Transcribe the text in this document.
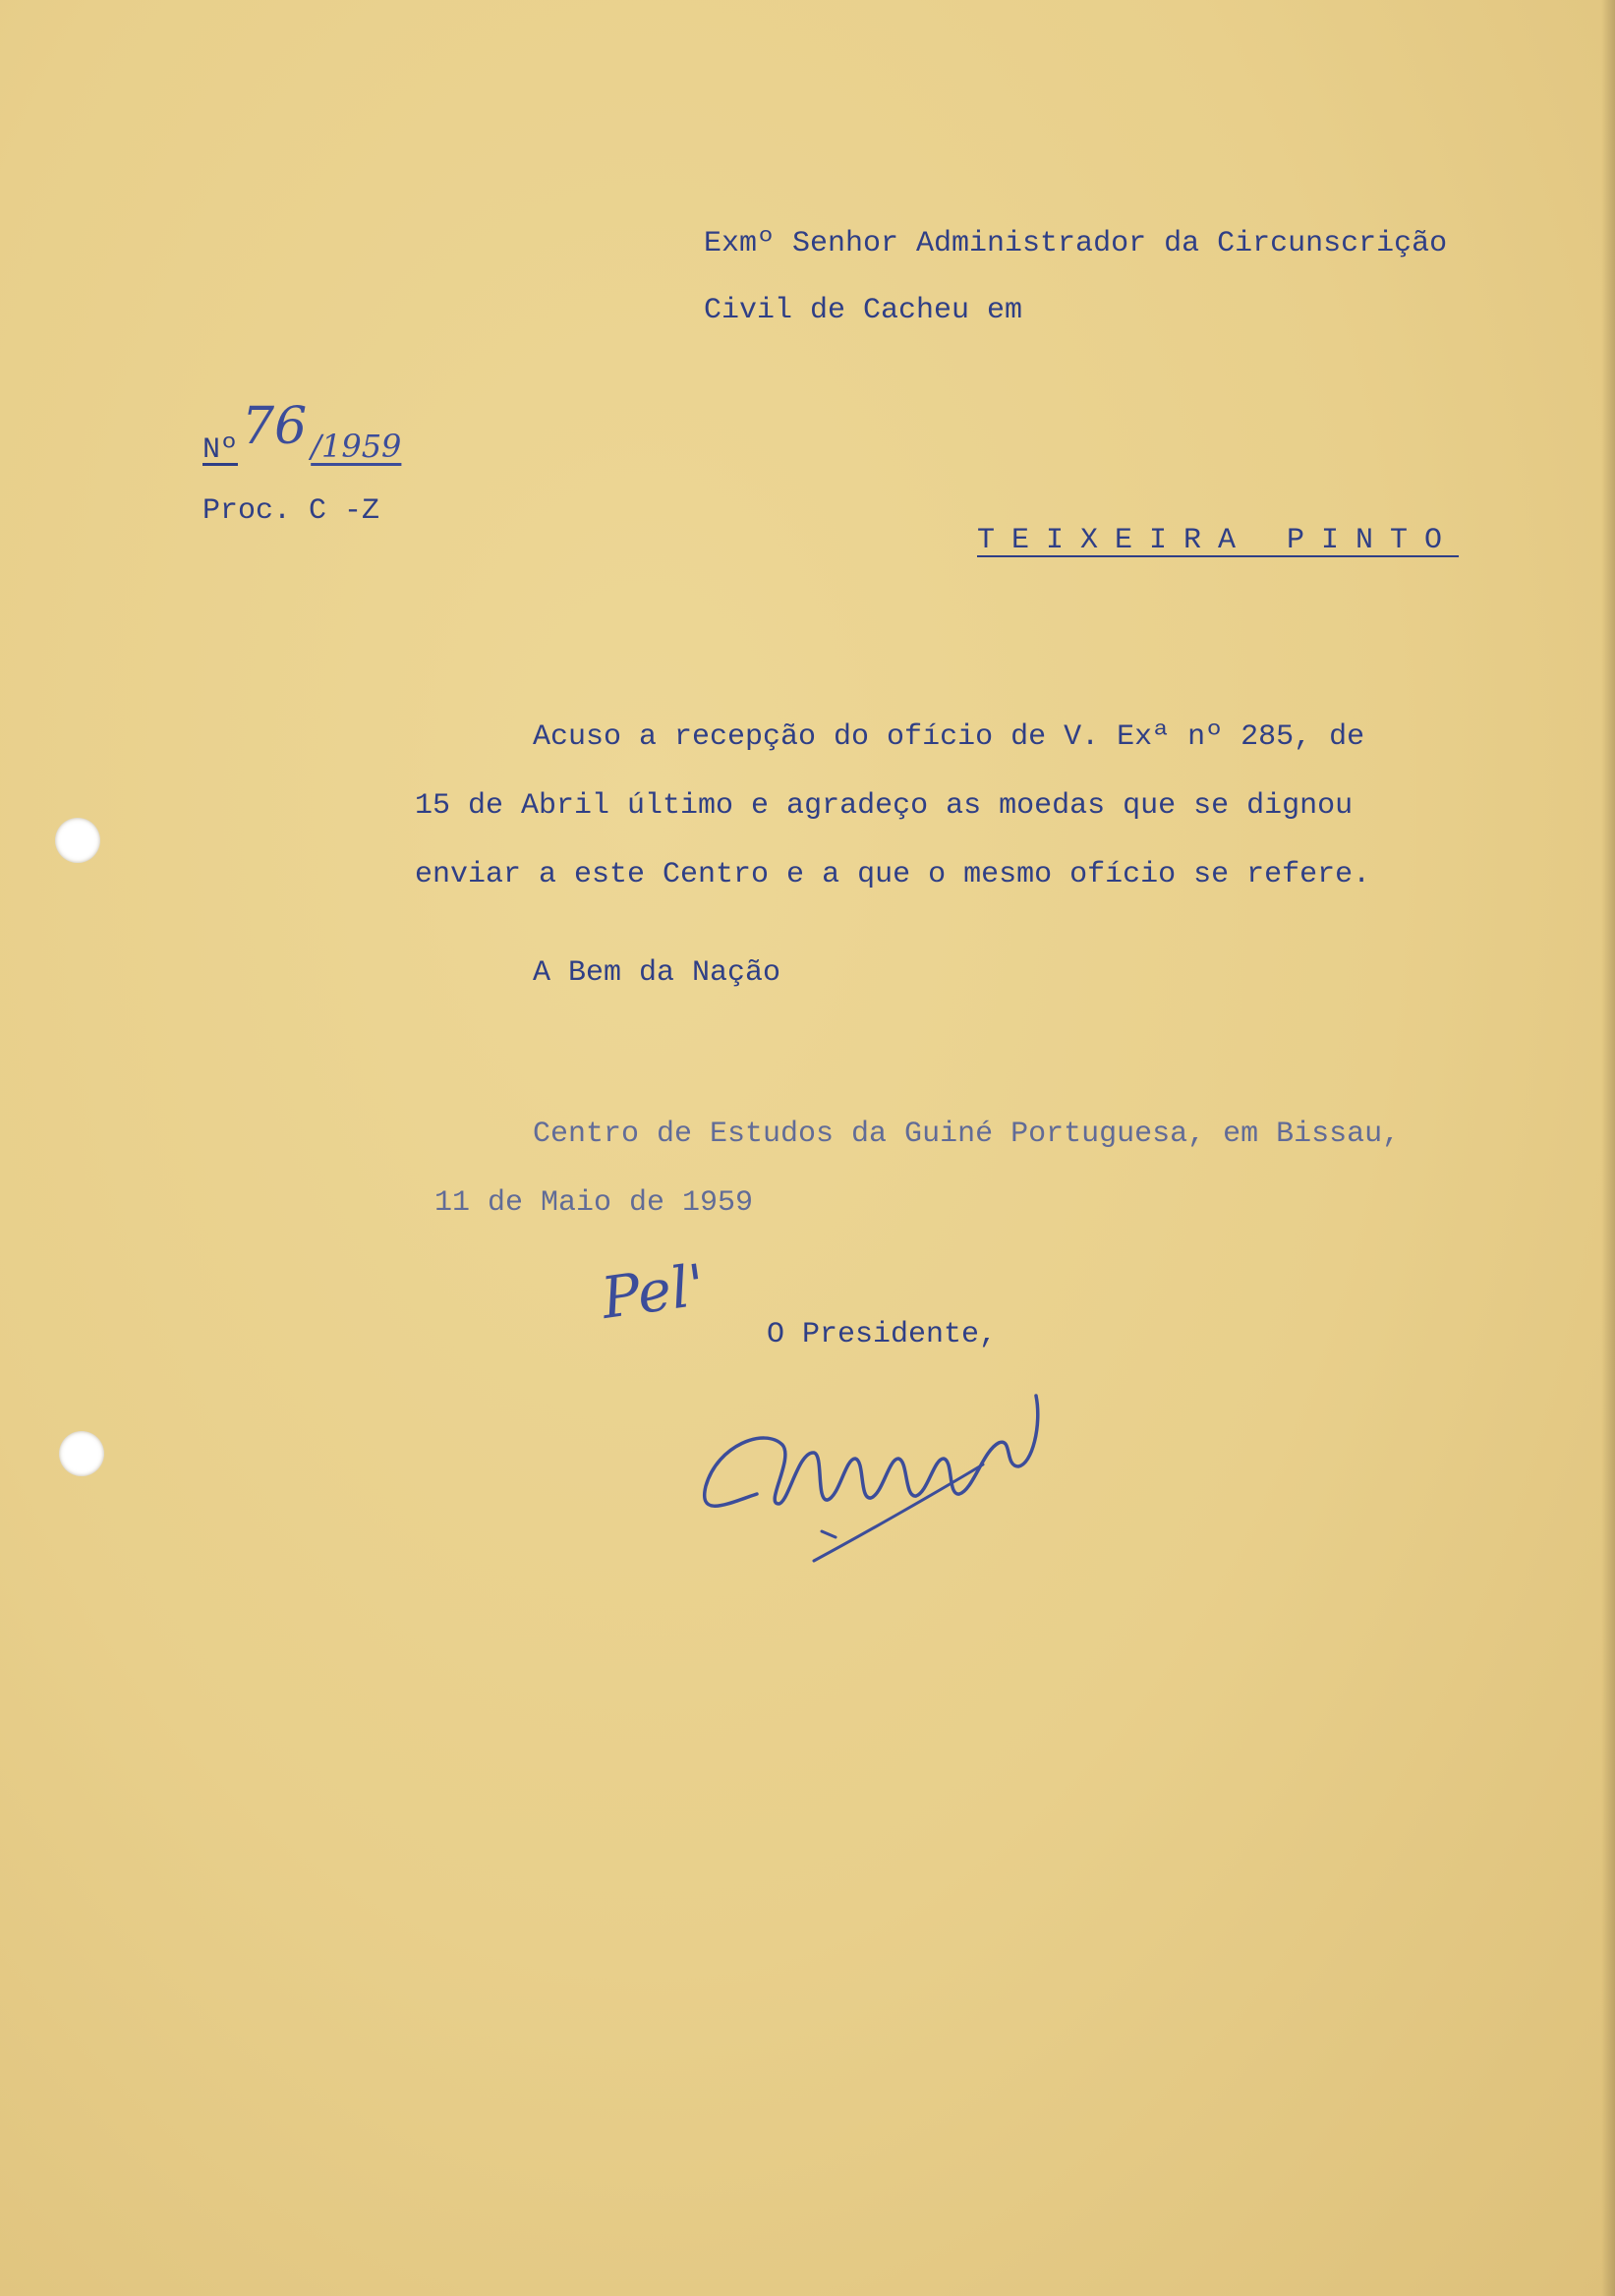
Exmº Senhor Administrador da Circunscrição
Civil de Cacheu em
Nº 76 /1959
Proc. C -Z
TEIXEIRA PINTO
Acuso a recepção do ofício de V. Exª nº 285, de
15 de Abril último e agradeço as moedas que se dignou
enviar a este Centro e a que o mesmo ofício se refere.
A Bem da Nação
Centro de Estudos da Guiné Portuguesa, em Bissau,
11 de Maio de 1959
Pel'
O Presidente,
